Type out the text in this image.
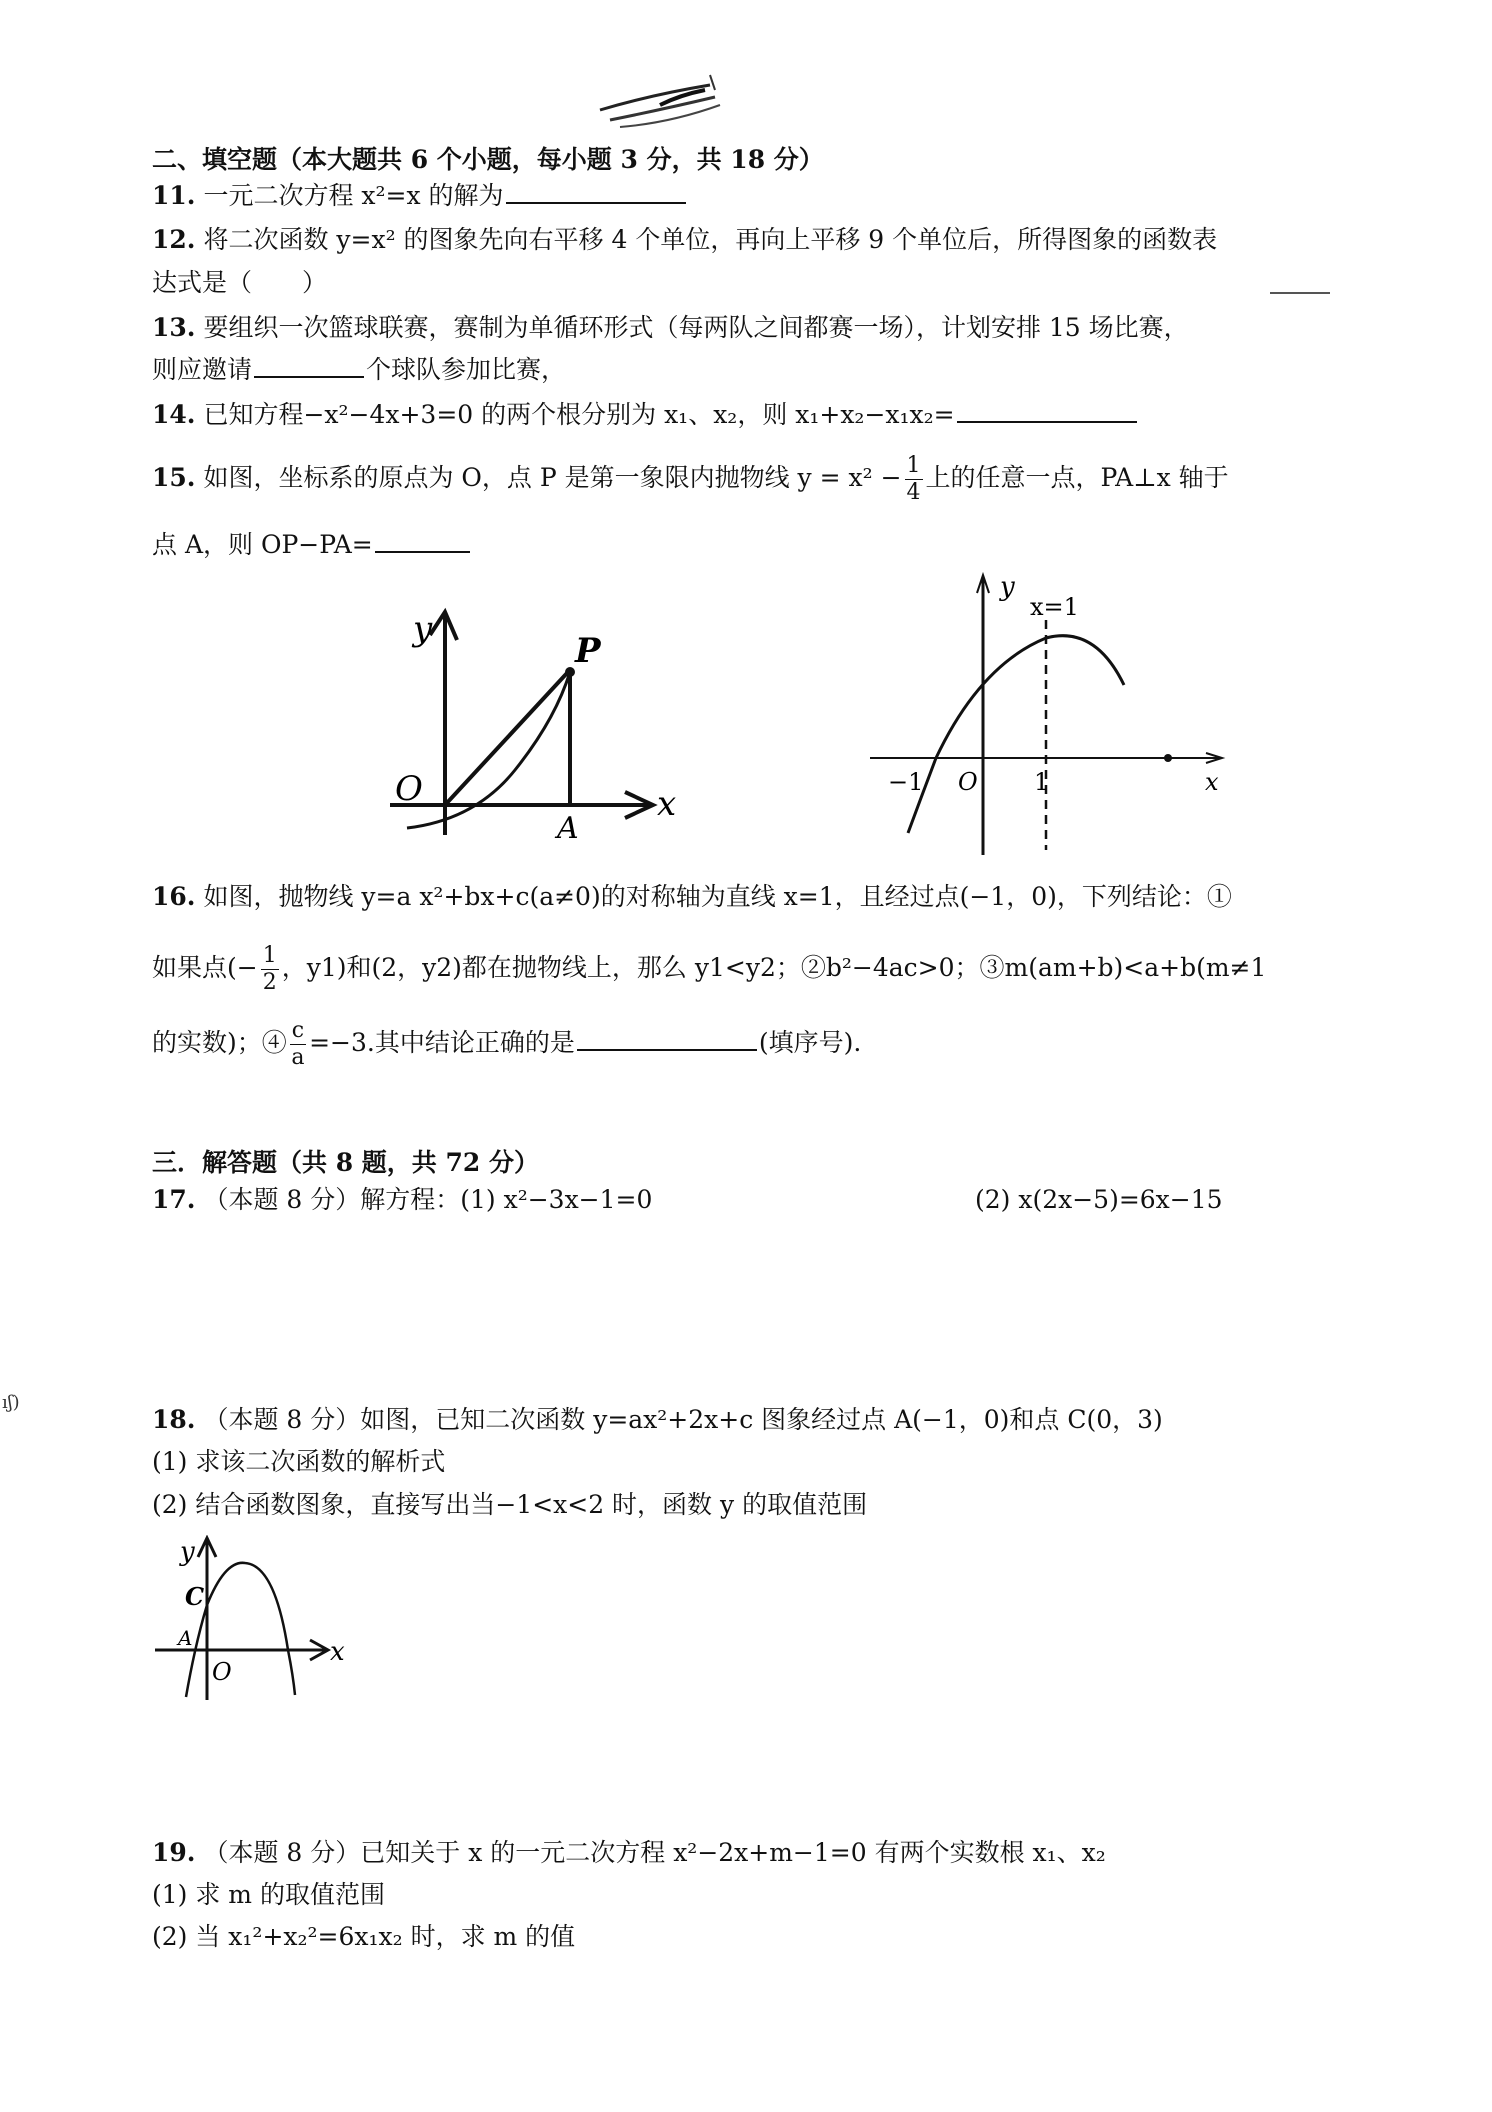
二、填空题（本大题共 6 个小题，每小题 3 分，共 18 分）
11. 一元二次方程 x²=x 的解为
12. 将二次函数 y=x² 的图象先向右平移 4 个单位，再向上平移 9 个单位后，所得图象的函数表
达式是（　　）
13. 要组织一次篮球联赛，赛制为单循环形式（每两队之间都赛一场），计划安排 15 场比赛，
则应邀请	个球队参加比赛，
14. 已知方程−x²−4x+3=0 的两个根分别为 x₁、x₂，则 x₁+x₂−x₁x₂=
15. 如图，坐标系的原点为 O，点 P 是第一象限内抛物线 $y = x^2 - \frac{1}{4}$ 上的任意一点，PA⊥x 轴于
点 A，则 OP−PA=
y
O
P
x
A
y
x=1
−1 O 1	x
16. 如图，抛物线 y=a x²+bx+c(a≠0)的对称轴为直线 x=1，且经过点(−1，0)，下列结论：①
如果点(− $\frac{1}{2}$ ，y1)和(2，y2)都在抛物线上，那么 y1<y2；②b²−4ac>0；③m(am+b)<a+b(m≠1
的实数)；④ $\frac{c}{a} =-3$.其中结论正确的是	(填序号).
三．解答题（共 8 题，共 72 分）
17. （本题 8 分）解方程：(1) x²−3x−1=0	(2) x(2x−5)=6x−15
ıʃ)
18. （本题 8 分）如图，已知二次函数 y=ax²+2x+c 图象经过点 A(−1，0)和点 C(0，3)
(1) 求该二次函数的解析式
(2) 结合函数图象，直接写出当−1<x<2 时，函数 y 的取值范围
y
C
A
O
x
19. （本题 8 分）已知关于 x 的一元二次方程 x²−2x+m−1=0 有两个实数根 x₁、x₂
(1) 求 m 的取值范围
(2) 当 x₁²+x₂²=6x₁x₂ 时，求 m 的值
